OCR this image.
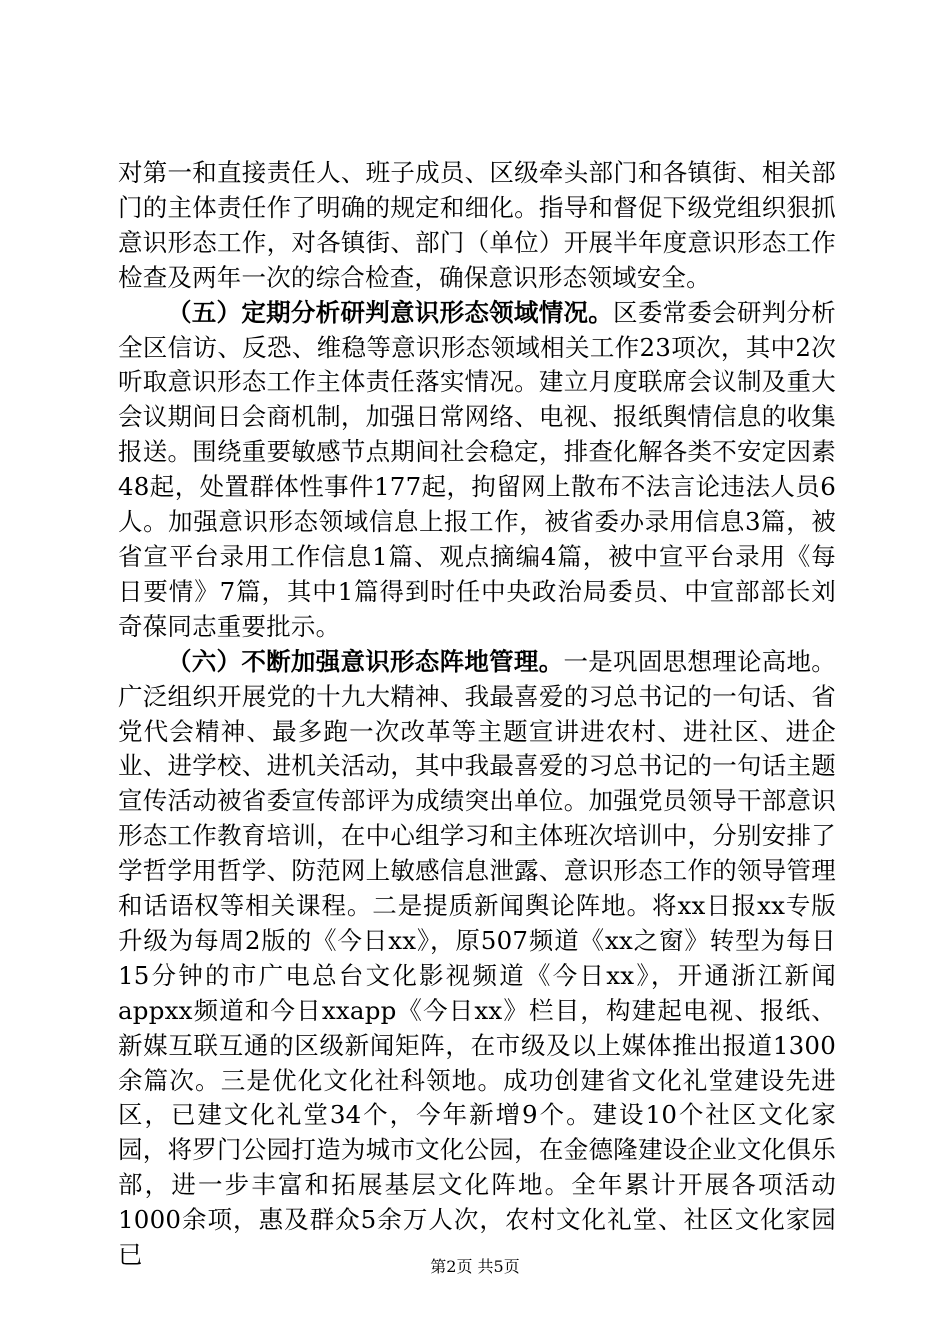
对第一和直接责任人、班子成员、区级牵头部门和各镇街、相关部门的主体责任作了明确的规定和细化。指导和督促下级党组织狠抓意识形态工作，对各镇街、部门（单位）开展半年度意识形态工作检查及两年一次的综合检查，确保意识形态领域安全。

（五）定期分析研判意识形态领域情况。区委常委会研判分析全区信访、反恐、维稳等意识形态领域相关工作23项次，其中2次听取意识形态工作主体责任落实情况。建立月度联席会议制及重大会议期间日会商机制，加强日常网络、电视、报纸舆情信息的收集报送。围绕重要敏感节点期间社会稳定，排查化解各类不安定因素48起，处置群体性事件177起，拘留网上散布不法言论违法人员6人。加强意识形态领域信息上报工作，被省委办录用信息3篇，被省宣平台录用工作信息1篇、观点摘编4篇，被中宣平台录用《每日要情》7篇，其中1篇得到时任中央政治局委员、中宣部部长刘奇葆同志重要批示。

（六）不断加强意识形态阵地管理。一是巩固思想理论高地。广泛组织开展党的十九大精神、我最喜爱的习总书记的一句话、省党代会精神、最多跑一次改革等主题宣讲进农村、进社区、进企业、进学校、进机关活动，其中我最喜爱的习总书记的一句话主题宣传活动被省委宣传部评为成绩突出单位。加强党员领导干部意识形态工作教育培训，在中心组学习和主体班次培训中，分别安排了学哲学用哲学、防范网上敏感信息泄露、意识形态工作的领导管理和话语权等相关课程。二是提质新闻舆论阵地。将xx日报xx专版升级为每周2版的《今日xx》，原507频道《xx之窗》转型为每日15分钟的市广电总台文化影视频道《今日xx》，开通浙江新闻appxx频道和今日xxapp《今日xx》栏目，构建起电视、报纸、新媒互联互通的区级新闻矩阵，在市级及以上媒体推出报道1300余篇次。三是优化文化社科领地。成功创建省文化礼堂建设先进区，已建文化礼堂34个，今年新增9个。建设10个社区文化家园，将罗门公园打造为城市文化公园，在金德隆建设企业文化俱乐部，进一步丰富和拓展基层文化阵地。全年累计开展各项活动1000余项，惠及群众5余万人次，农村文化礼堂、社区文化家园已	第2页 共5页
